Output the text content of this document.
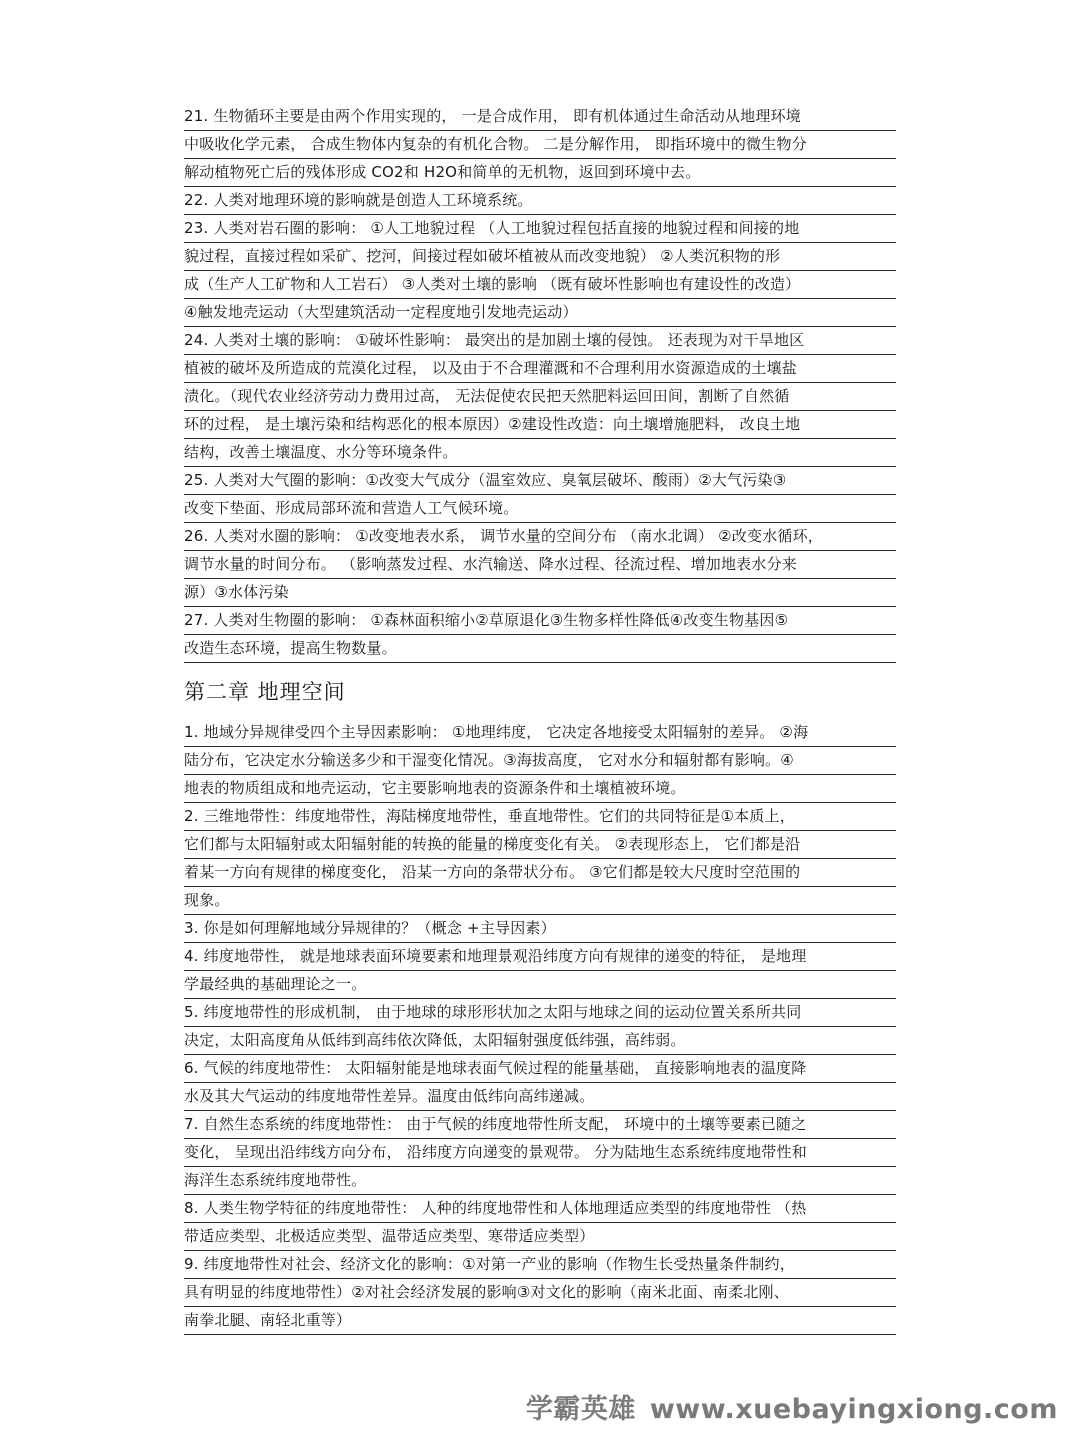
21. 生物循环主要是由两个作用实现的， 一是合成作用， 即有机体通过生命活动从地理环境
中吸收化学元素， 合成生物体内复杂的有机化合物。 二是分解作用， 即指环境中的微生物分
解动植物死亡后的残体形成 CO2和 H2O和简单的无机物，返回到环境中去。
22. 人类对地理环境的影响就是创造人工环境系统。
23. 人类对岩石圈的影响： ①人工地貌过程 （人工地貌过程包括直接的地貌过程和间接的地
貌过程，直接过程如采矿、挖河，间接过程如破坏植被从而改变地貌） ②人类沉积物的形
成（生产人工矿物和人工岩石） ③人类对土壤的影响 （既有破坏性影响也有建设性的改造）
④触发地壳运动（大型建筑活动一定程度地引发地壳运动）
24. 人类对土壤的影响： ①破坏性影响： 最突出的是加剧土壤的侵蚀。 还表现为对干旱地区
植被的破坏及所造成的荒漠化过程， 以及由于不合理灌溉和不合理利用水资源造成的土壤盐
渍化。（现代农业经济劳动力费用过高， 无法促使农民把天然肥料运回田间，割断了自然循
环的过程， 是土壤污染和结构恶化的根本原因）②建设性改造：向土壤增施肥料， 改良土地
结构，改善土壤温度、水分等环境条件。
25. 人类对大气圈的影响：①改变大气成分（温室效应、臭氧层破坏、酸雨）②大气污染③
改变下垫面、形成局部环流和营造人工气候环境。
26. 人类对水圈的影响： ①改变地表水系， 调节水量的空间分布 （南水北调） ②改变水循环，
调节水量的时间分布。 （影响蒸发过程、水汽输送、降水过程、径流过程、增加地表水分来
源）③水体污染
27. 人类对生物圈的影响： ①森林面积缩小②草原退化③生物多样性降低④改变生物基因⑤
改造生态环境，提高生物数量。
第二章 地理空间
1. 地域分异规律受四个主导因素影响： ①地理纬度， 它决定各地接受太阳辐射的差异。 ②海
陆分布，它决定水分输送多少和干湿变化情况。③海拔高度， 它对水分和辐射都有影响。④
地表的物质组成和地壳运动，它主要影响地表的资源条件和土壤植被环境。
2. 三维地带性：纬度地带性，海陆梯度地带性，垂直地带性。它们的共同特征是①本质上，
它们都与太阳辐射或太阳辐射能的转换的能量的梯度变化有关。 ②表现形态上， 它们都是沿
着某一方向有规律的梯度变化， 沿某一方向的条带状分布。 ③它们都是较大尺度时空范围的
现象。
3. 你是如何理解地域分异规律的？（概念 +主导因素）
4. 纬度地带性， 就是地球表面环境要素和地理景观沿纬度方向有规律的递变的特征， 是地理
学最经典的基础理论之一。
5. 纬度地带性的形成机制， 由于地球的球形形状加之太阳与地球之间的运动位置关系所共同
决定，太阳高度角从低纬到高纬依次降低，太阳辐射强度低纬强，高纬弱。
6. 气候的纬度地带性： 太阳辐射能是地球表面气候过程的能量基础， 直接影响地表的温度降
水及其大气运动的纬度地带性差异。温度由低纬向高纬递减。
7. 自然生态系统的纬度地带性： 由于气候的纬度地带性所支配， 环境中的土壤等要素已随之
变化， 呈现出沿纬线方向分布， 沿纬度方向递变的景观带。 分为陆地生态系统纬度地带性和
海洋生态系统纬度地带性。
8. 人类生物学特征的纬度地带性： 人种的纬度地带性和人体地理适应类型的纬度地带性 （热
带适应类型、北极适应类型、温带适应类型、寒带适应类型）
9. 纬度地带性对社会、经济文化的影响：①对第一产业的影响（作物生长受热量条件制约，
具有明显的纬度地带性）②对社会经济发展的影响③对文化的影响（南米北面、南柔北刚、
南拳北腿、南轻北重等）
学霸英雄 www.xuebayingxiong.com
